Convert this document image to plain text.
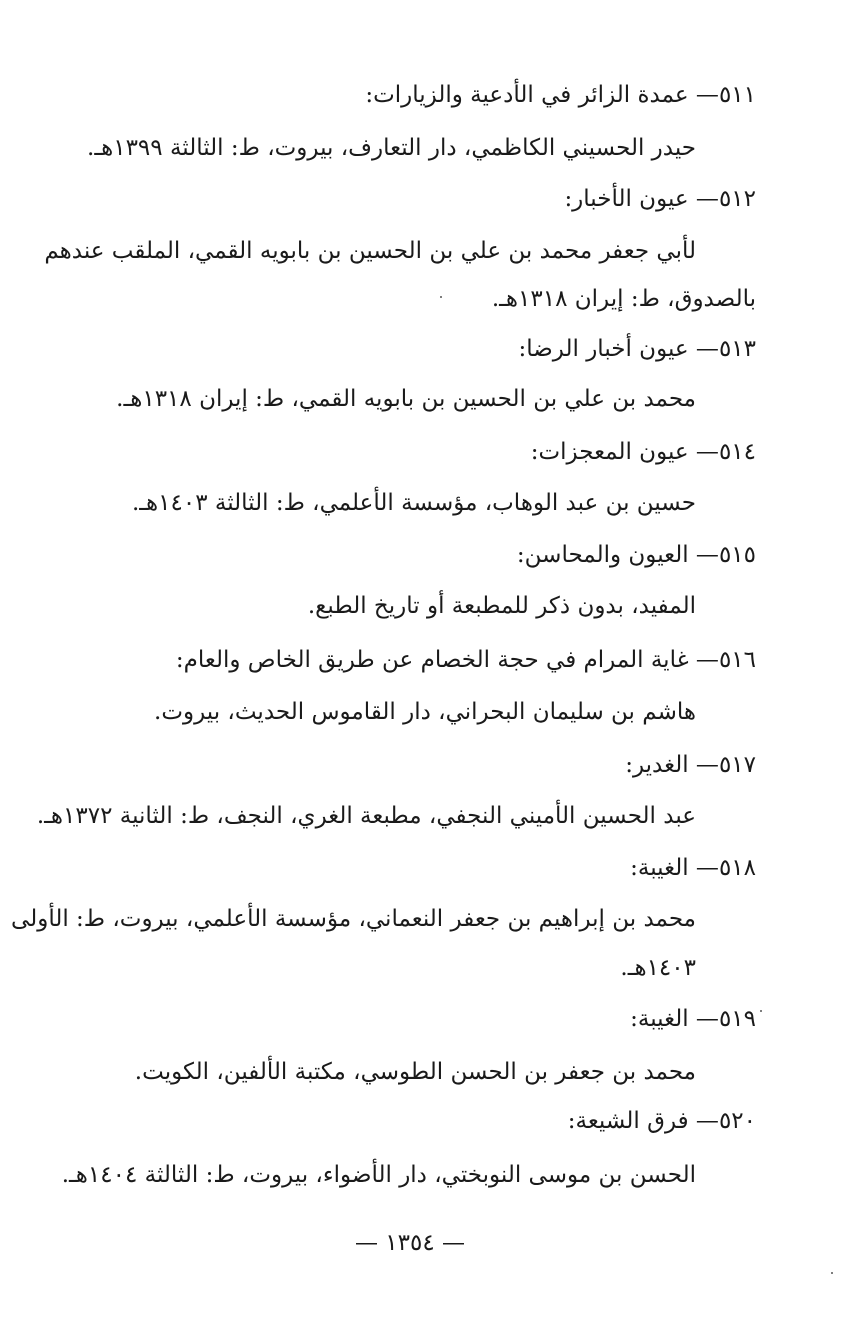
٥١١— عمدة الزائر في الأدعية والزيارات:
حيدر الحسيني الكاظمي، دار التعارف، بيروت، ط: الثالثة ١٣٩٩هـ.
٥١٢— عيون الأخبار:
لأبي جعفر محمد بن علي بن الحسين بن بابويه القمي، الملقب عندهم
بالصدوق، ط: إيران ١٣١٨هـ.
٥١٣— عيون أخبار الرضا:
محمد بن علي بن الحسين بن بابويه القمي، ط: إيران ١٣١٨هـ.
٥١٤— عيون المعجزات:
حسين بن عبد الوهاب، مؤسسة الأعلمي، ط: الثالثة ١٤٠٣هـ.
٥١٥— العيون والمحاسن:
المفيد، بدون ذكر للمطبعة أو تاريخ الطبع.
٥١٦— غاية المرام في حجة الخصام عن طريق الخاص والعام:
هاشم بن سليمان البحراني، دار القاموس الحديث، بيروت.
٥١٧— الغدير:
عبد الحسين الأميني النجفي، مطبعة الغري، النجف، ط: الثانية ١٣٧٢هـ.
٥١٨— الغيبة:
محمد بن إبراهيم بن جعفر النعماني، مؤسسة الأعلمي، بيروت، ط: الأولى
١٤٠٣هـ.
٥١٩— الغيبة:
محمد بن جعفر بن الحسن الطوسي، مكتبة الألفين، الكويت.
٥٢٠— فرق الشيعة:
الحسن بن موسى النوبختي، دار الأضواء، بيروت، ط: الثالثة ١٤٠٤هـ.
— ١٣٥٤ —
